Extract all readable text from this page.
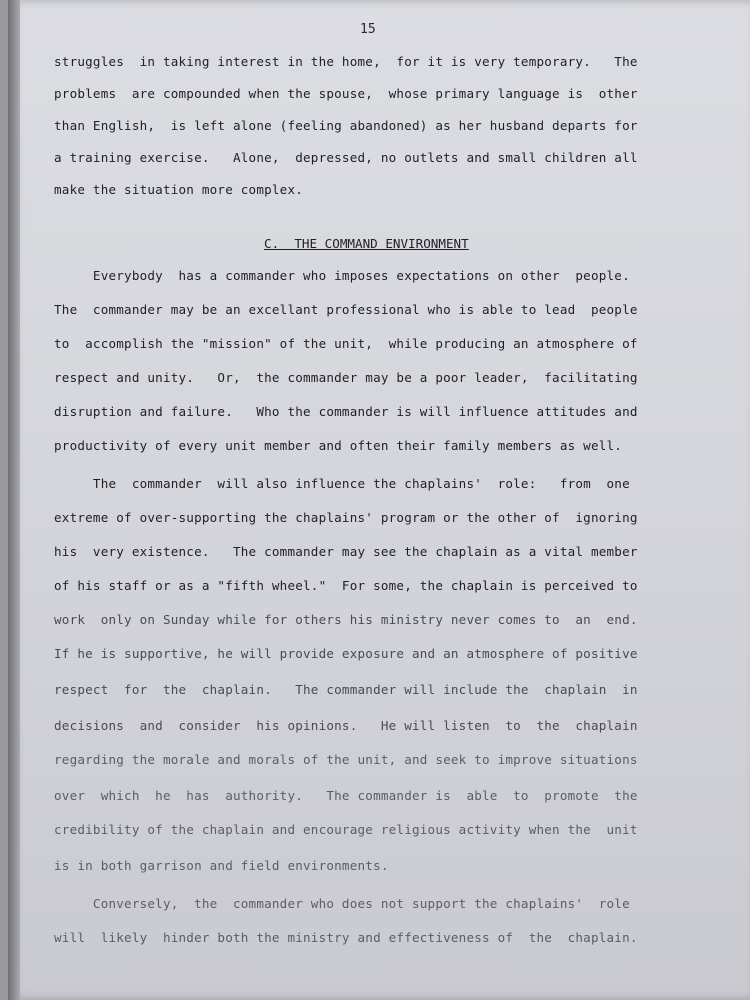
15
struggles  in taking interest in the home,  for it is very temporary.   The
problems  are compounded when the spouse,  whose primary language is  other
than English,  is left alone (feeling abandoned) as her husband departs for
a training exercise.   Alone,  depressed, no outlets and small children all
make the situation more complex.
C.  THE COMMAND ENVIRONMENT
Everybody  has a commander who imposes expectations on other  people.
The  commander may be an excellant professional who is able to lead  people
to  accomplish the "mission" of the unit,  while producing an atmosphere of
respect and unity.   Or,  the commander may be a poor leader,  facilitating
disruption and failure.   Who the commander is will influence attitudes and
productivity of every unit member and often their family members as well.
The  commander  will also influence the chaplains'  role:   from  one
extreme of over-supporting the chaplains' program or the other of  ignoring
his  very existence.   The commander may see the chaplain as a vital member
of his staff or as a "fifth wheel."  For some, the chaplain is perceived to
work  only on Sunday while for others his ministry never comes to  an  end.
If he is supportive, he will provide exposure and an atmosphere of positive
respect  for  the  chaplain.   The commander will include the  chaplain  in
decisions  and  consider  his opinions.   He will listen  to  the  chaplain
regarding the morale and morals of the unit, and seek to improve situations
over  which  he  has  authority.   The commander is  able  to  promote  the
credibility of the chaplain and encourage religious activity when the  unit
is in both garrison and field environments.
Conversely,  the  commander who does not support the chaplains'  role
will  likely  hinder both the ministry and effectiveness of  the  chaplain.
